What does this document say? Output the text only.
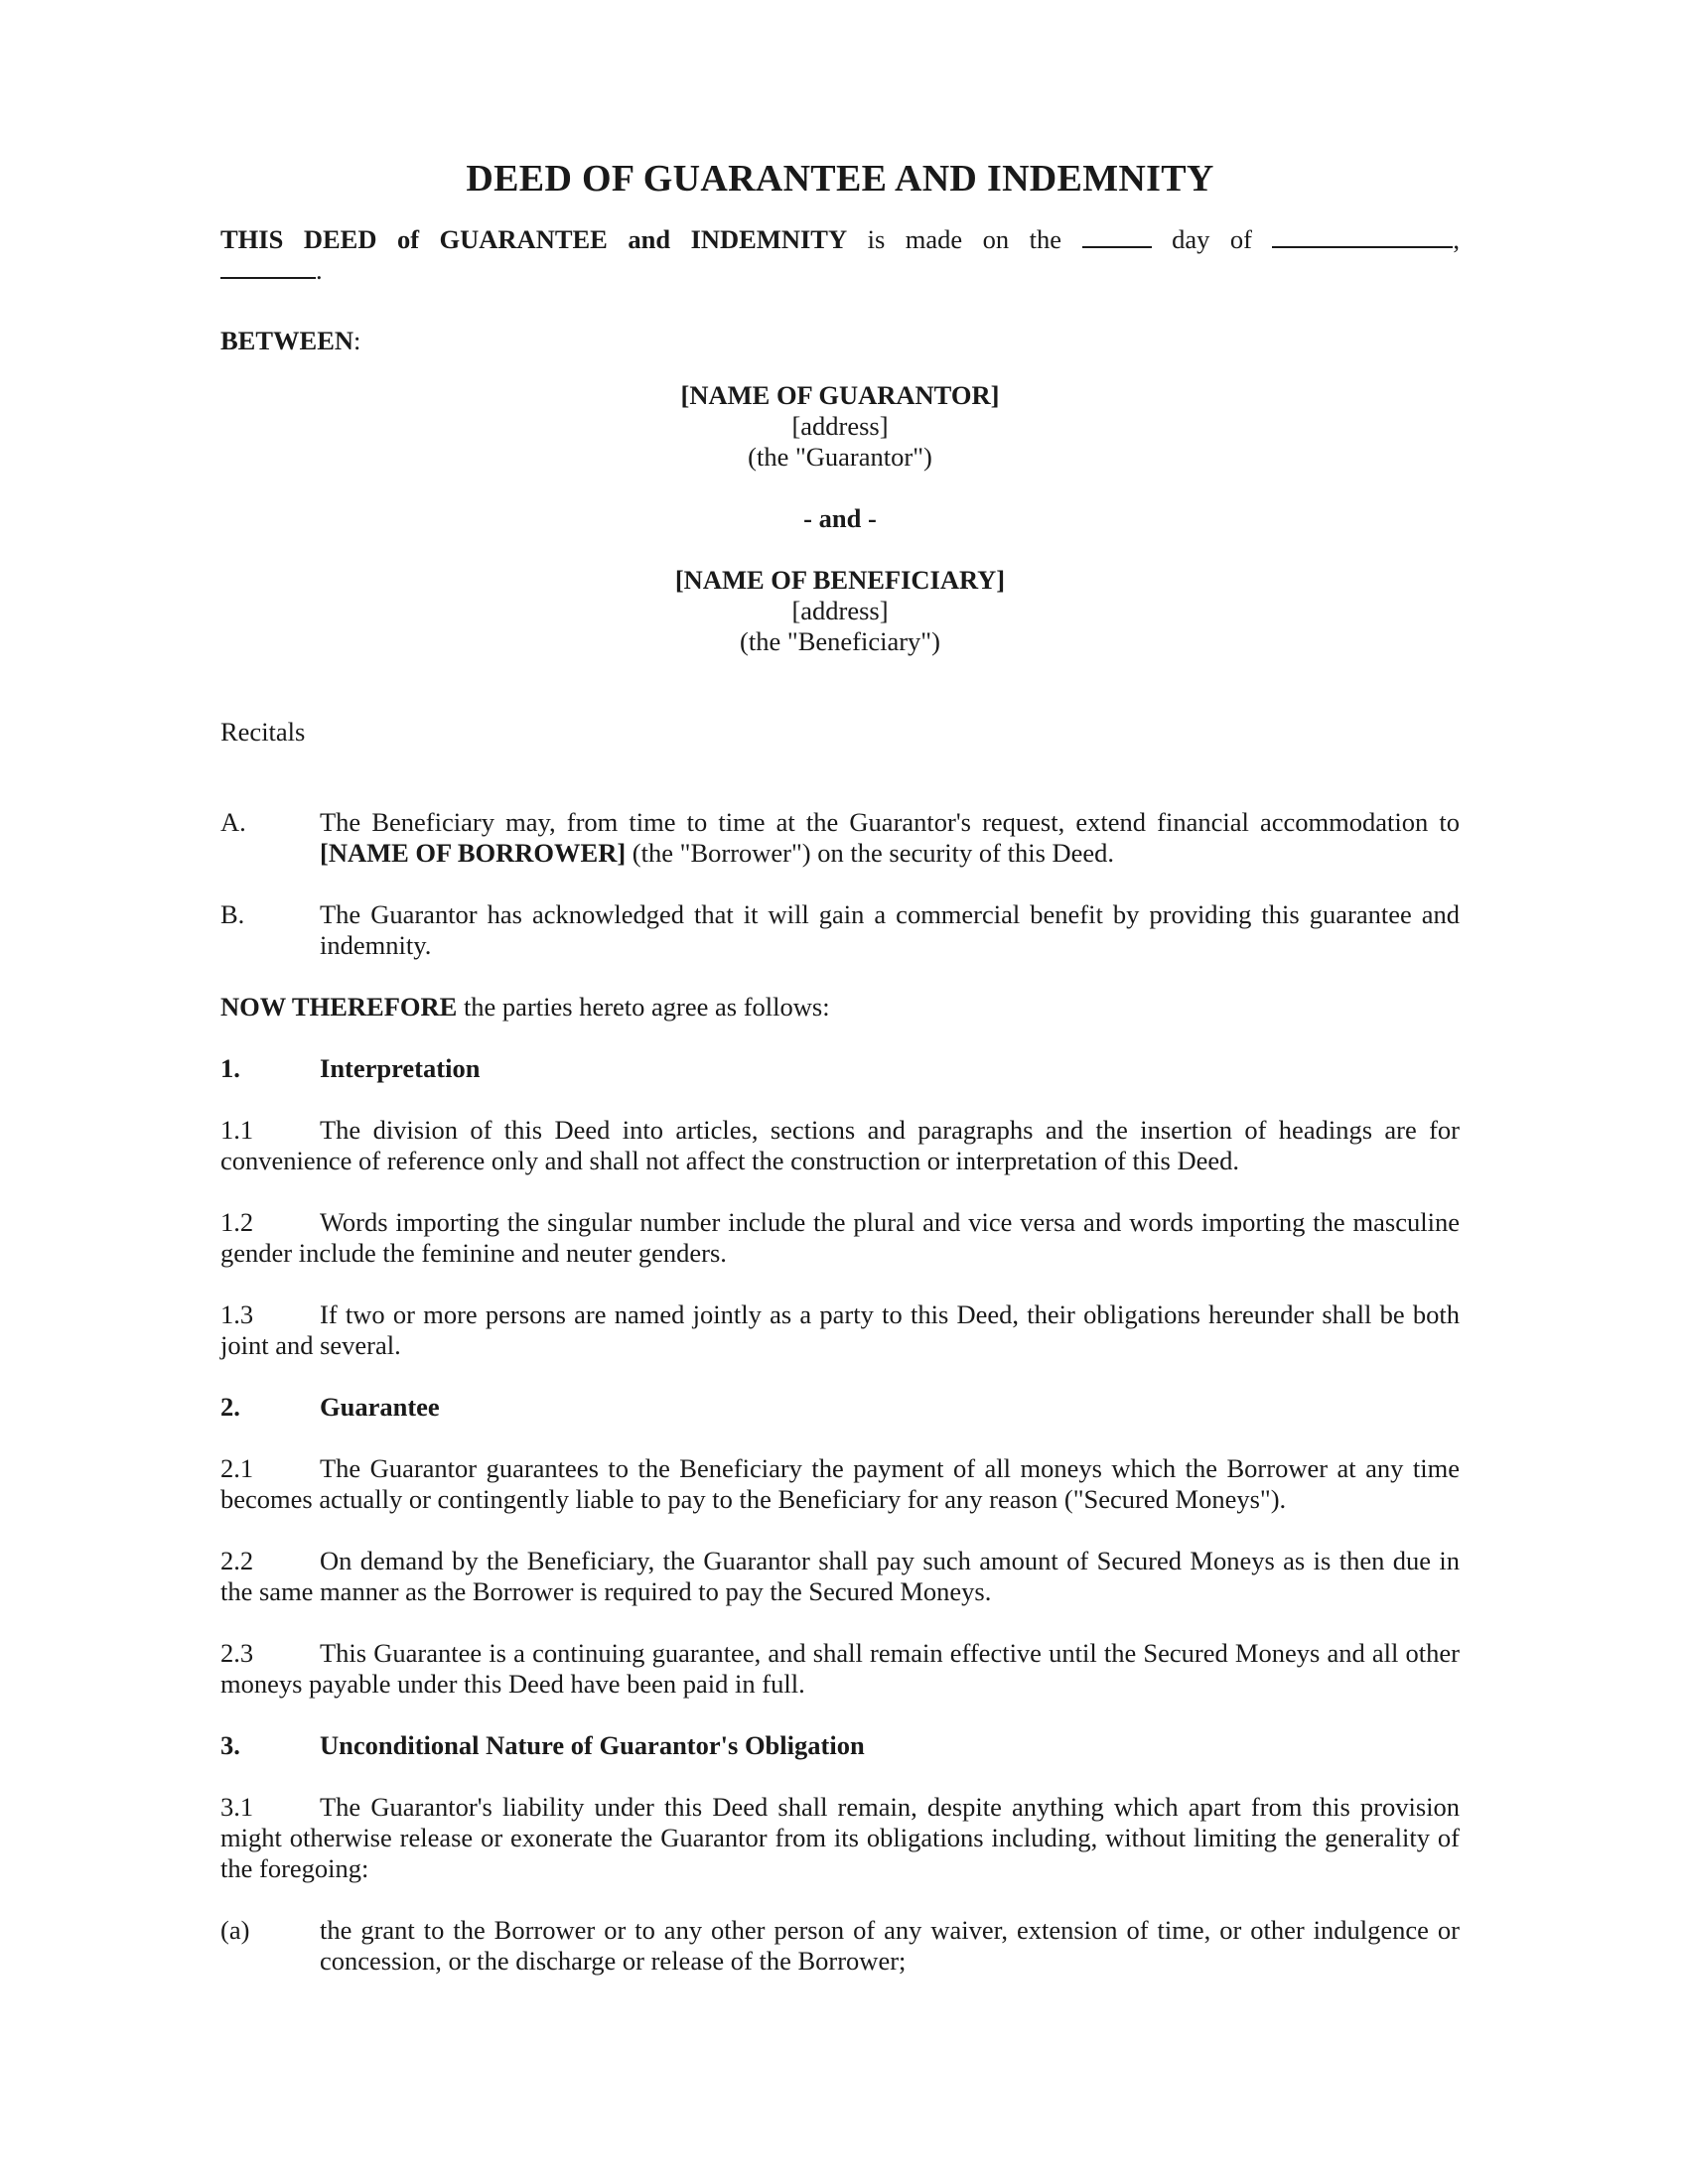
DEED OF GUARANTEE AND INDEMNITY

THIS DEED of GUARANTEE and INDEMNITY is made on the	day of	,

.

BETWEEN:

[NAME OF GUARANTOR]
[address]
(the "Guarantor")

- and -

[NAME OF BENEFICIARY]
[address]
(the "Beneficiary")

Recitals

A.	The Beneficiary may, from time to time at the Guarantor's request, extend financial accommodation to [NAME OF BORROWER] (the "Borrower") on the security of this Deed.
B.	The Guarantor has acknowledged that it will gain a commercial benefit by providing this guarantee and indemnity.

NOW THEREFORE the parties hereto agree as follows:

1.	Interpretation

1.1	The division of this Deed into articles, sections and paragraphs and the insertion of headings are for convenience of reference only and shall not affect the construction or interpretation of this Deed.

1.2	Words importing the singular number include the plural and vice versa and words importing the masculine gender include the feminine and neuter genders.

1.3	If two or more persons are named jointly as a party to this Deed, their obligations hereunder shall be both joint and several.

2.	Guarantee

2.1	The Guarantor guarantees to the Beneficiary the payment of all moneys which the Borrower at any time becomes actually or contingently liable to pay to the Beneficiary for any reason ("Secured Moneys").

2.2	On demand by the Beneficiary, the Guarantor shall pay such amount of Secured Moneys as is then due in the same manner as the Borrower is required to pay the Secured Moneys.

2.3	This Guarantee is a continuing guarantee, and shall remain effective until the Secured Moneys and all other moneys payable under this Deed have been paid in full.

3.	Unconditional Nature of Guarantor's Obligation

3.1	The Guarantor's liability under this Deed shall remain, despite anything which apart from this provision might otherwise release or exonerate the Guarantor from its obligations including, without limiting the generality of the foregoing:

(a)	the grant to the Borrower or to any other person of any waiver, extension of time, or other indulgence or concession, or the discharge or release of the Borrower;
